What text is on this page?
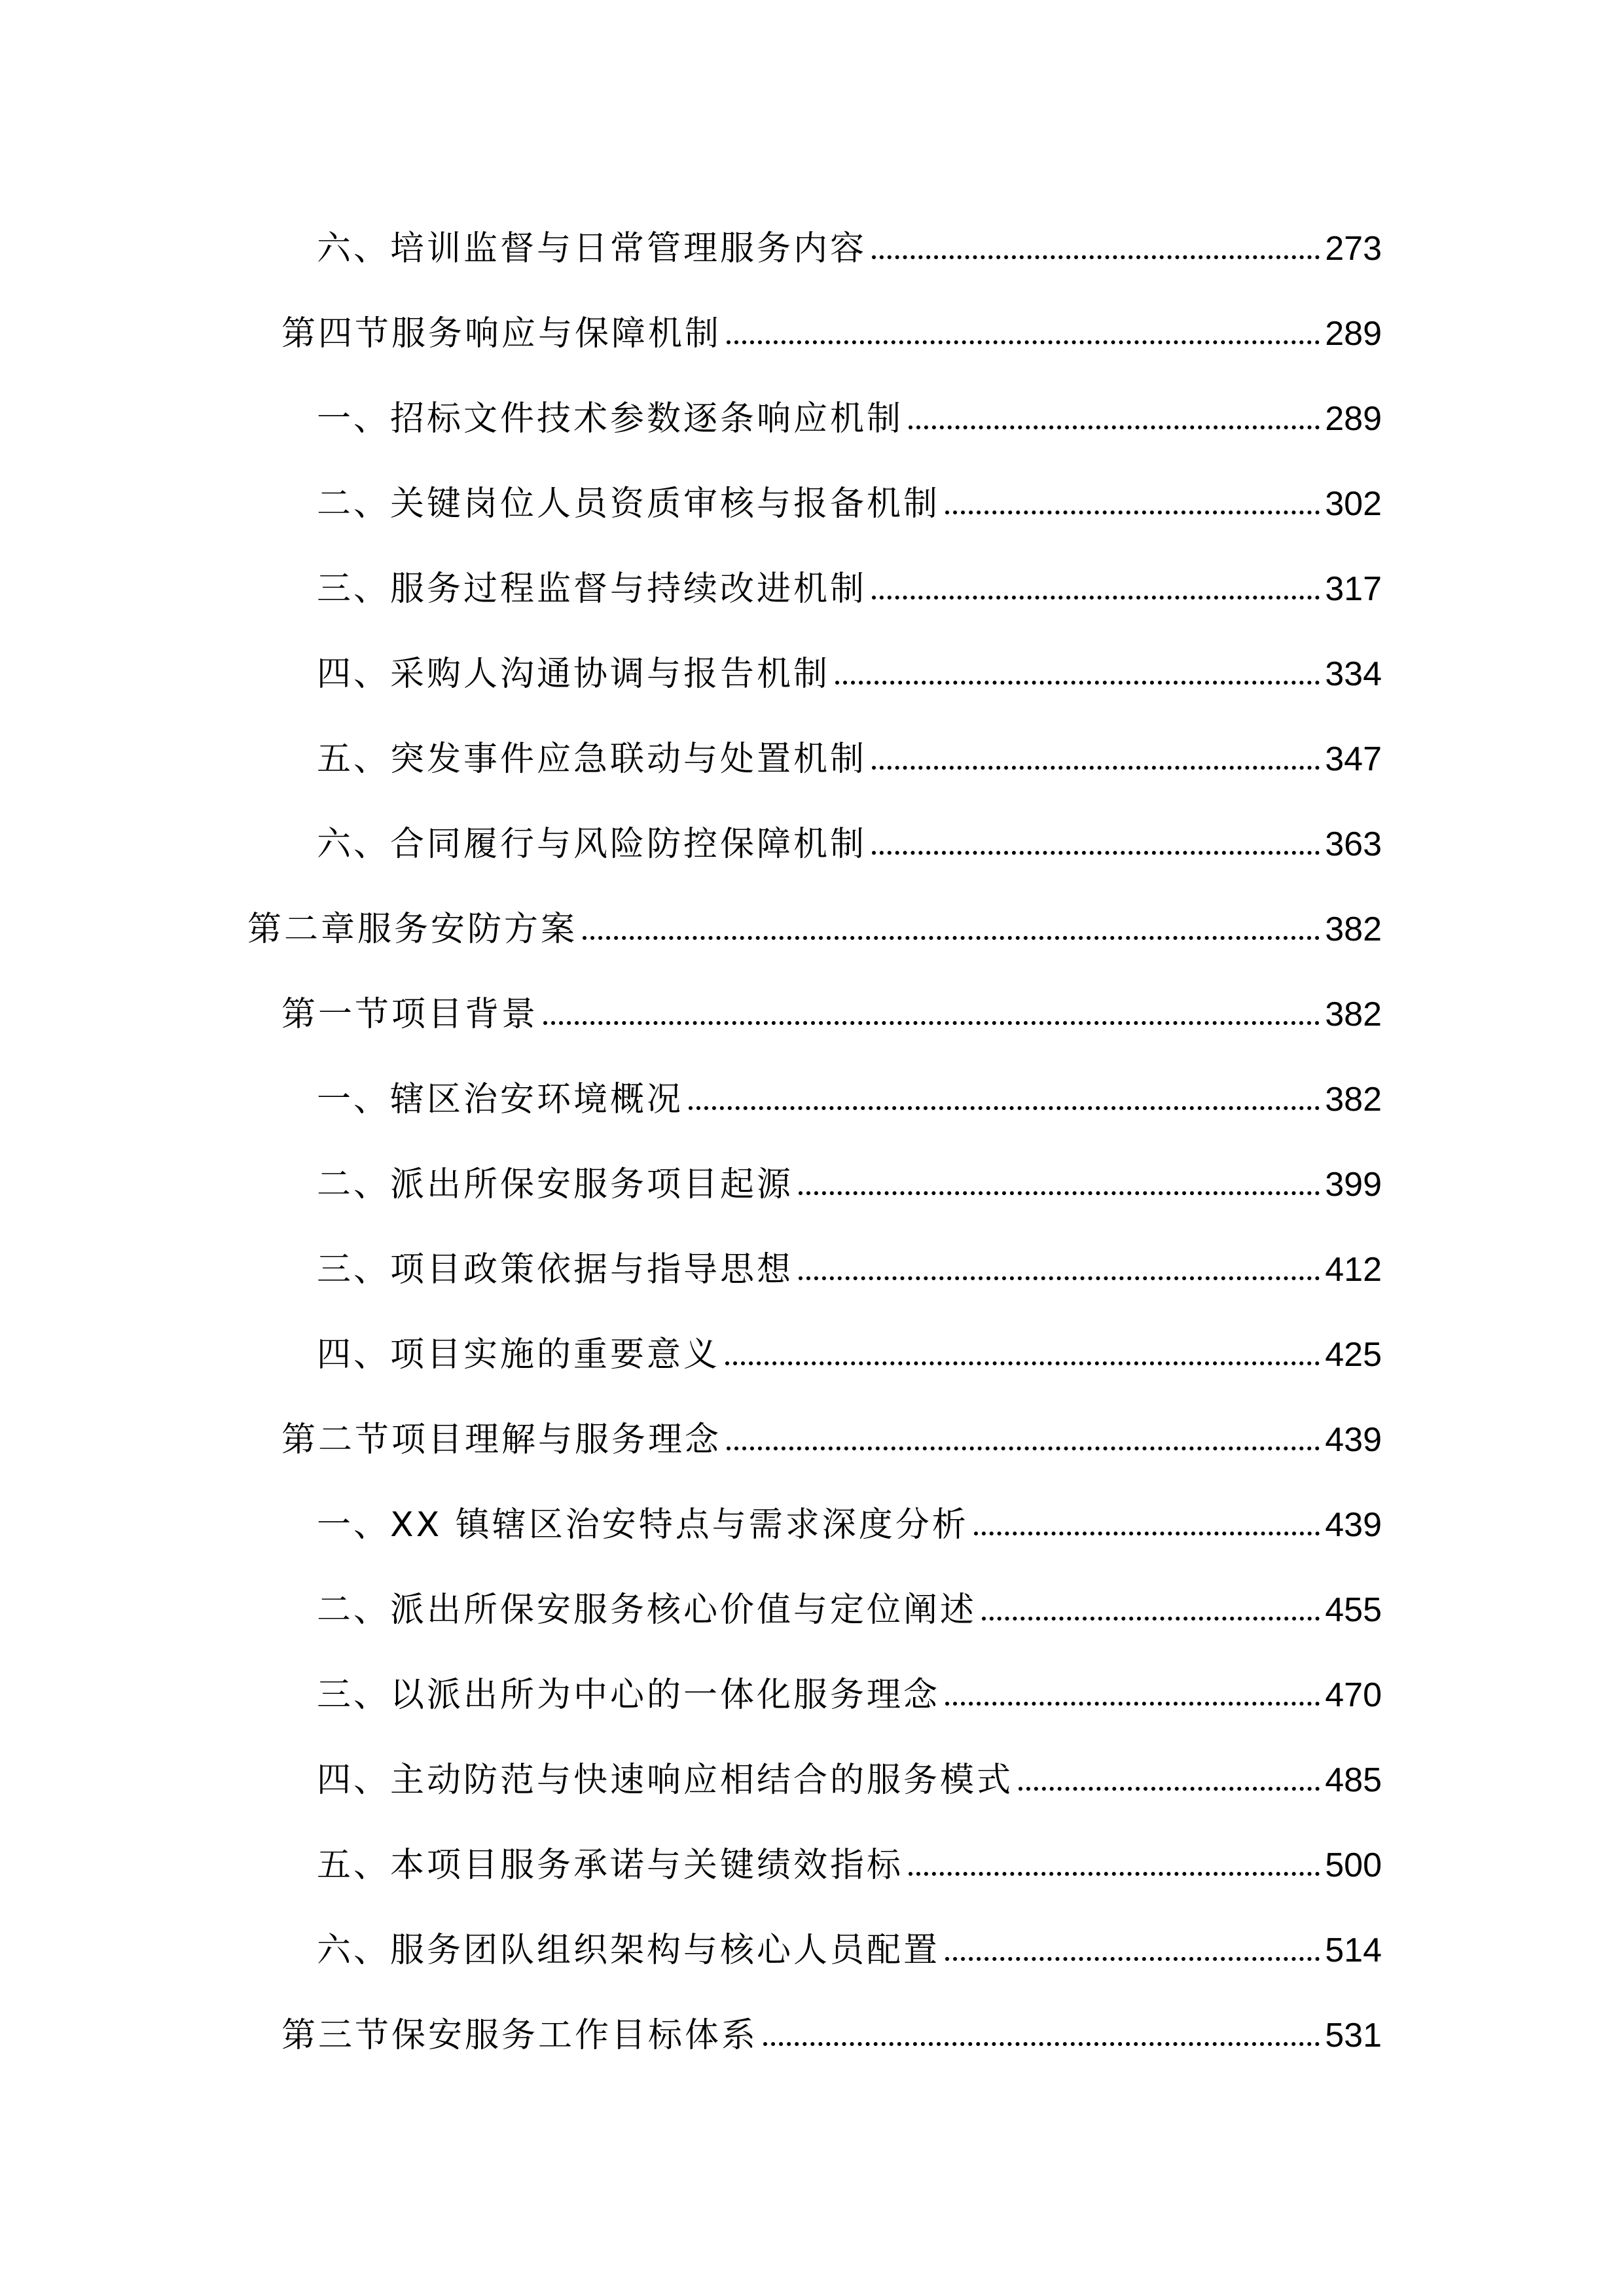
六、培训监督与日常管理服务内容	273
第四节服务响应与保障机制	289
一、招标文件技术参数逐条响应机制	289
二、关键岗位人员资质审核与报备机制	302
三、服务过程监督与持续改进机制	317
四、采购人沟通协调与报告机制	334
五、突发事件应急联动与处置机制	347
六、合同履行与风险防控保障机制	363
第二章服务安防方案	382
第一节项目背景	382
一、辖区治安环境概况	382
二、派出所保安服务项目起源	399
三、项目政策依据与指导思想	412
四、项目实施的重要意义	425
第二节项目理解与服务理念	439
一、XX 镇辖区治安特点与需求深度分析	439
二、派出所保安服务核心价值与定位阐述	455
三、以派出所为中心的一体化服务理念	470
四、主动防范与快速响应相结合的服务模式	485
五、本项目服务承诺与关键绩效指标	500
六、服务团队组织架构与核心人员配置	514
第三节保安服务工作目标体系	531
